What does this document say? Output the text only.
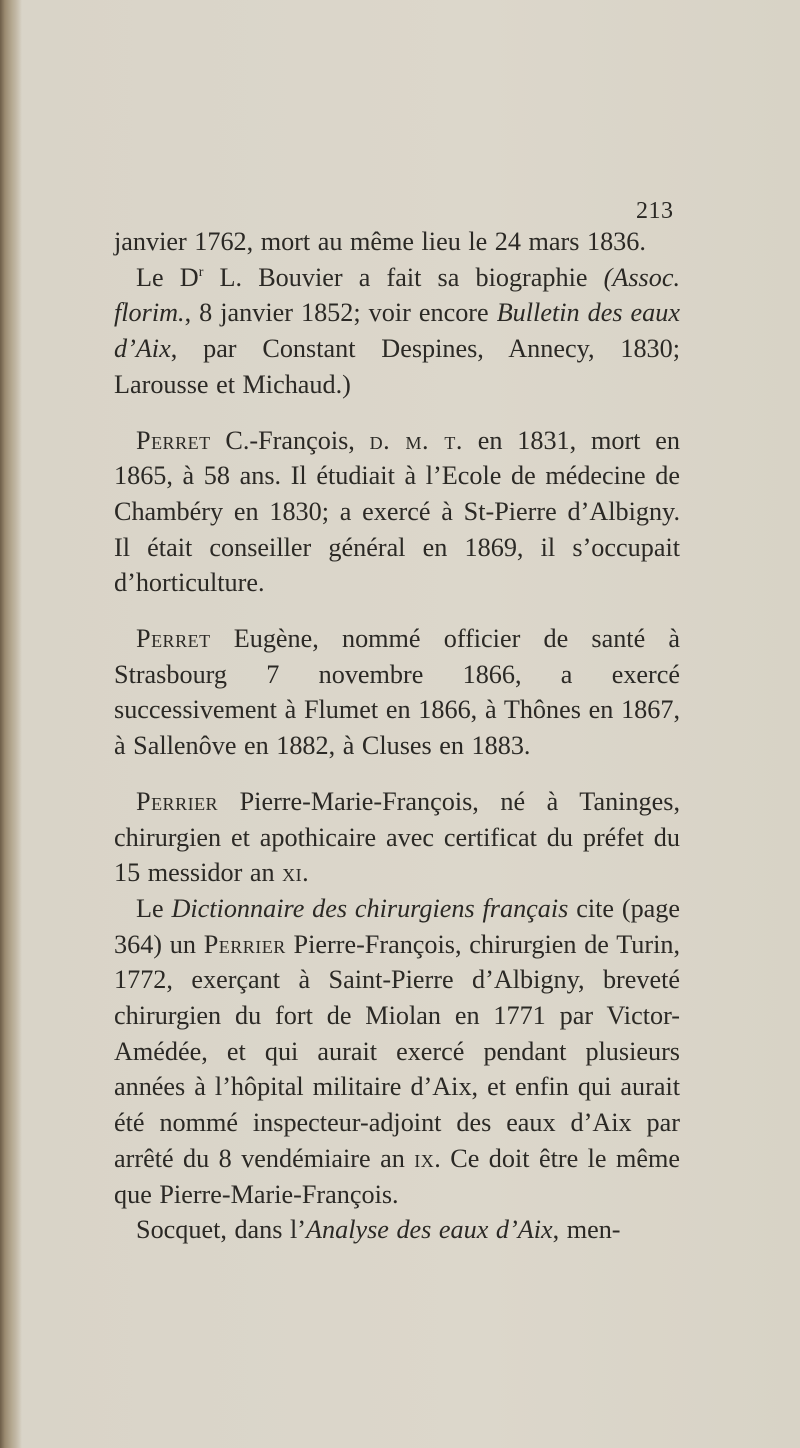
213

janvier 1762, mort au même lieu le 24 mars 1836.

Le $D^r$ L. Bouvier a fait sa biographie (Assoc. florim., 8 janvier 1852; voir encore Bulletin des eaux d’Aix, par Constant Despines, Annecy, 1830; Larousse et Michaud.)

Perret C.-François, d. m. t. en 1831, mort en 1865, à 58 ans. Il étudiait à l’Ecole de médecine de Chambéry en 1830; a exercé à St-Pierre d’Albigny. Il était conseiller général en 1869, il s’occupait d’horticulture.

Perret Eugène, nommé officier de santé à Strasbourg 7 novembre 1866, a exercé successivement à Flumet en 1866, à Thônes en 1867, à Sallenôve en 1882, à Cluses en 1883.

Perrier Pierre-Marie-François, né à Taninges, chirurgien et apothicaire avec certificat du préfet du 15 messidor an xi.

Le Dictionnaire des chirurgiens français cite (page 364) un Perrier Pierre-François, chirurgien de Turin, 1772, exerçant à Saint-Pierre d’Albigny, breveté chirurgien du fort de Miolan en 1771 par Victor-Amédée, et qui aurait exercé pendant plusieurs années à l’hôpital militaire d’Aix, et enfin qui aurait été nommé inspecteur-adjoint des eaux d’Aix par arrêté du 8 vendémiaire an ix. Ce doit être le même que Pierre-Marie-François.

Socquet, dans l’Analyse des eaux d’Aix, men-
